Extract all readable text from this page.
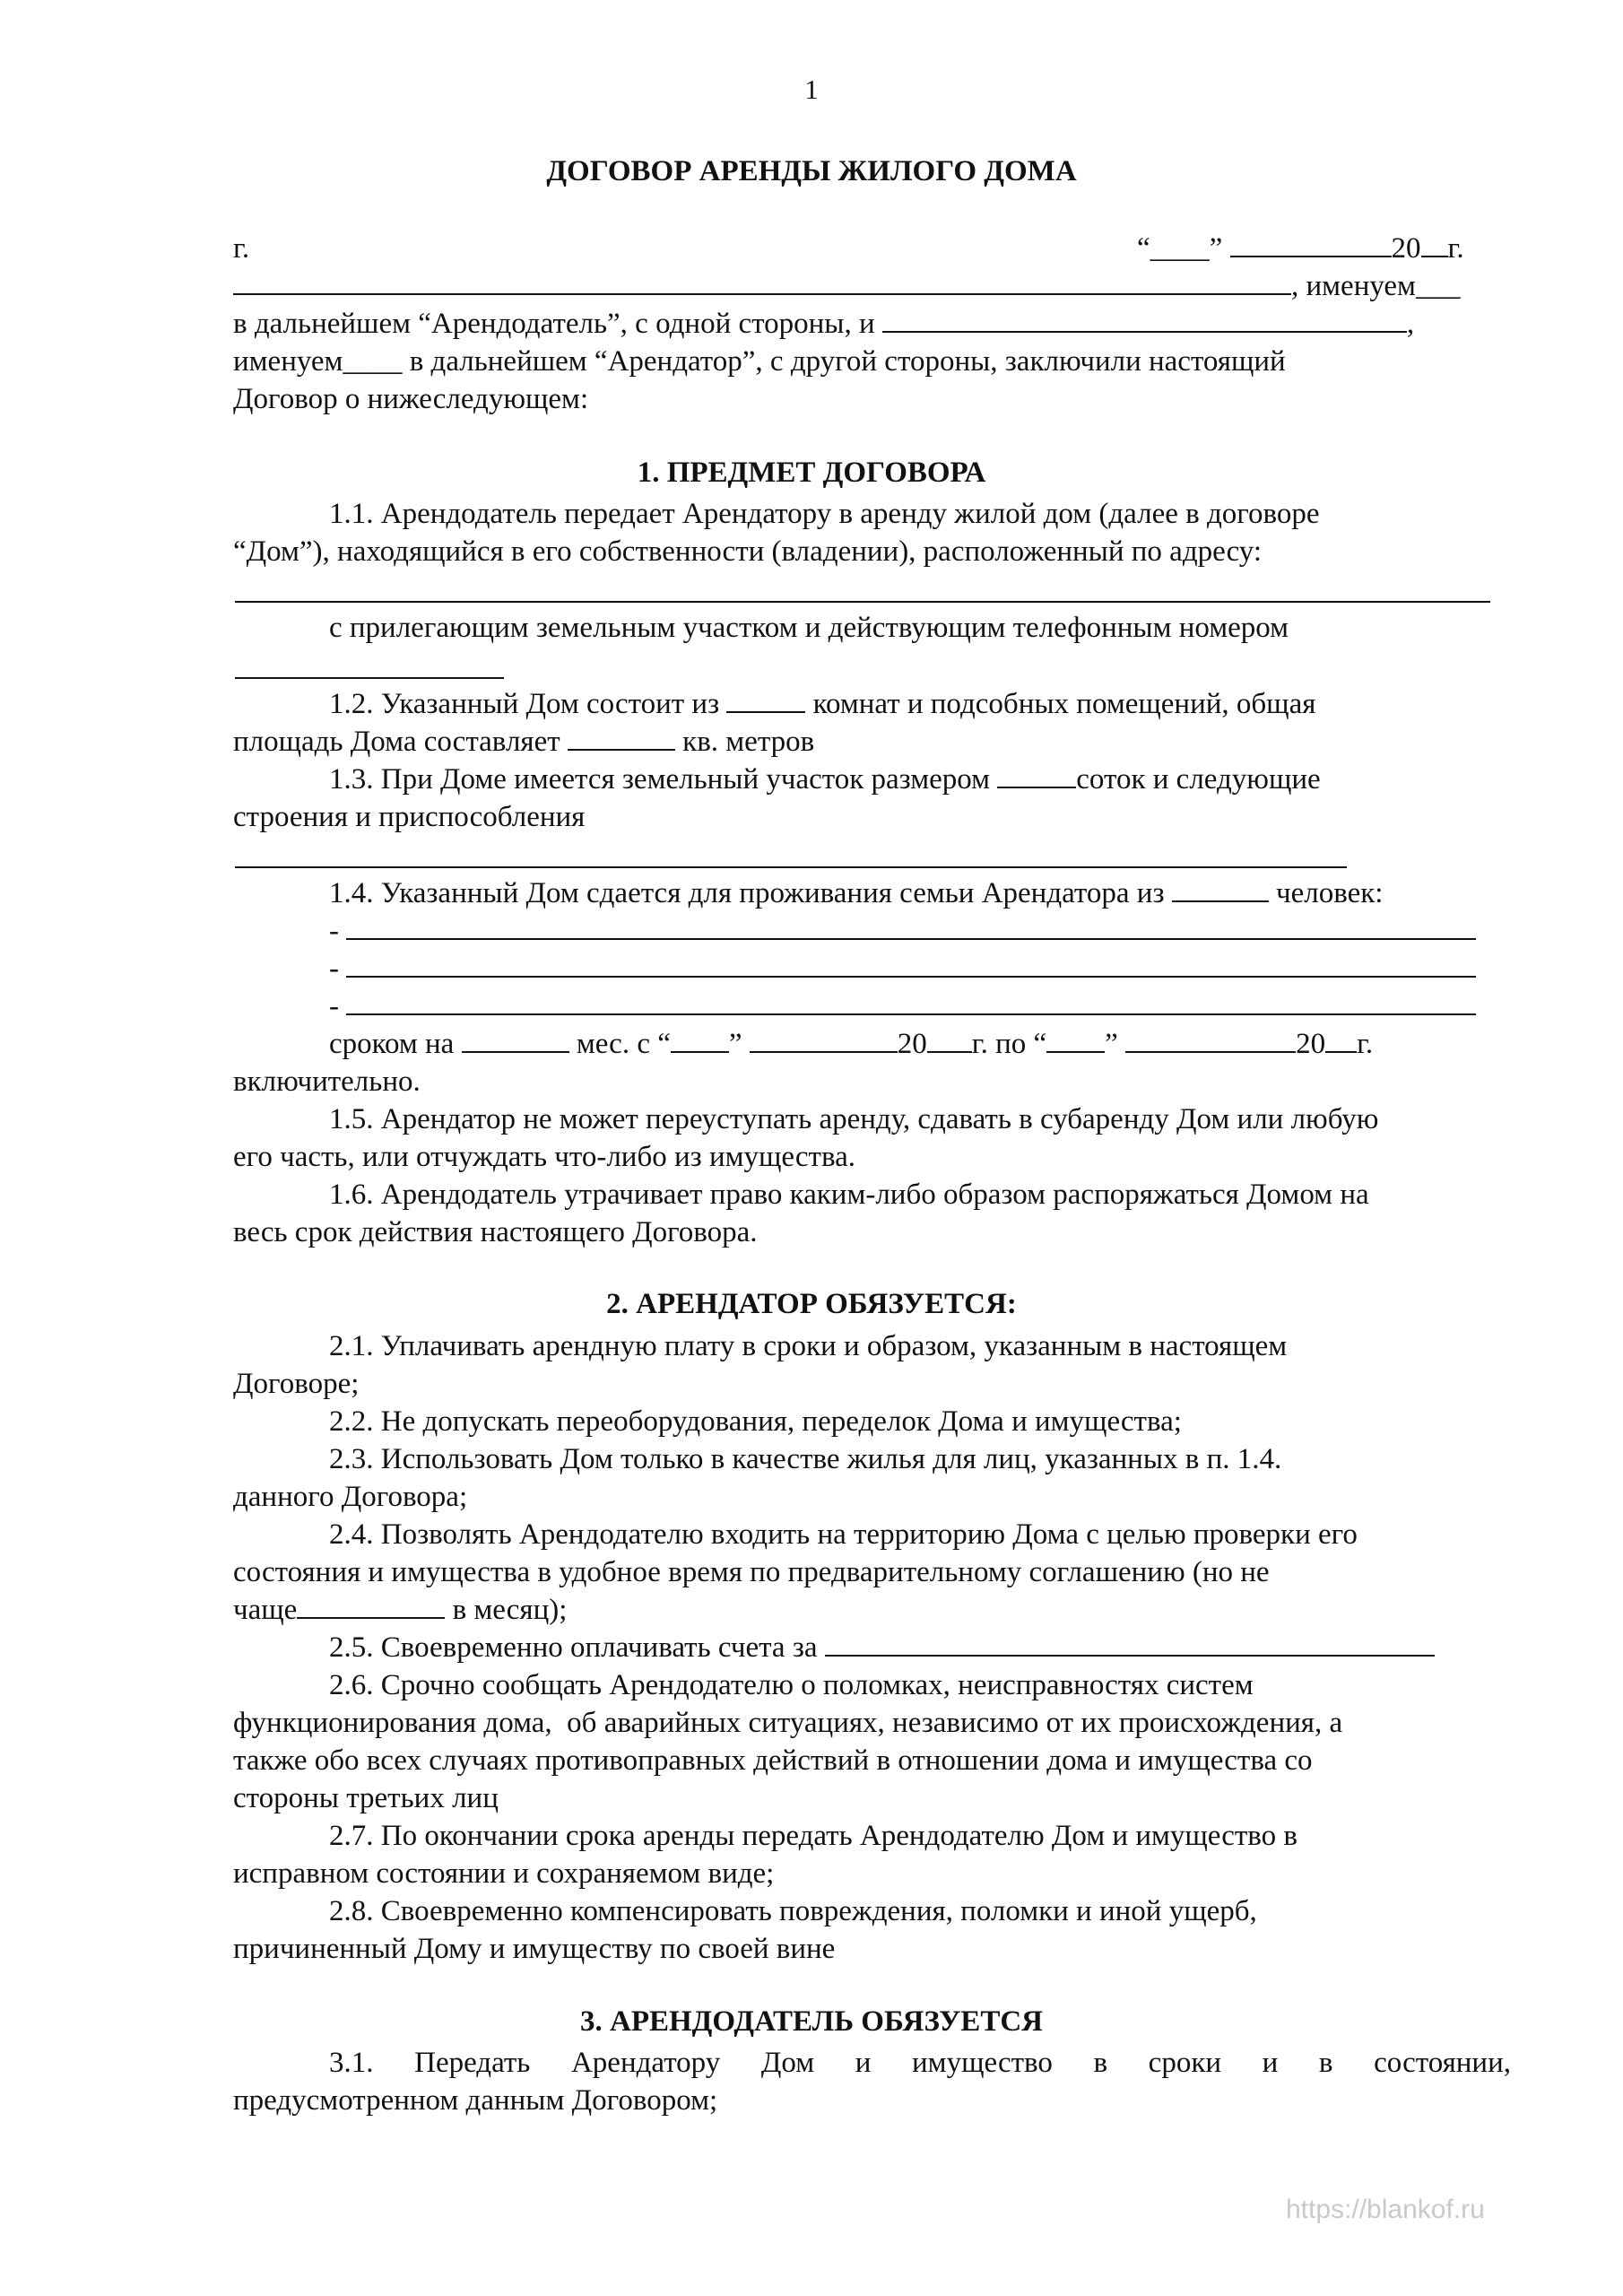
1
ДОГОВОР АРЕНДЫ ЖИЛОГО ДОМА
г.	“____”	20 г.
, именуем___
в дальнейшем “Арендодатель”, с одной стороны, и	,
именуем____ в дальнейшем “Арендатор”, с другой стороны, заключили настоящий
Договор о нижеследующем:
1. ПРЕДМЕТ ДОГОВОРА
1.1. Арендодатель передает Арендатору в аренду жилой дом (далее в договоре
“Дом”), находящийся в его собственности (владении), расположенный по адресу:
с прилегающим земельным участком и действующим телефонным номером
1.2. Указанный Дом состоит из	комнат и подсобных помещений, общая
площадь Дома составляет	кв. метров
1.3. При Доме имеется земельный участок размером	соток и следующие
строения и приспособления
1.4. Указанный Дом сдается для проживания семьи Арендатора из	человек:
-
-
-
сроком на	мес. с “ ”	20 г. по “ ”	20 г.
включительно.
1.5. Арендатор не может переуступать аренду, сдавать в субаренду Дом или любую
его часть, или отчуждать что-либо из имущества.
1.6. Арендодатель утрачивает право каким-либо образом распоряжаться Домом на
весь срок действия настоящего Договора.
2. АРЕНДАТОР ОБЯЗУЕТСЯ:
2.1. Уплачивать арендную плату в сроки и образом, указанным в настоящем
Договоре;
2.2. Не допускать переоборудования, переделок Дома и имущества;
2.3. Использовать Дом только в качестве жилья для лиц, указанных в п. 1.4.
данного Договора;
2.4. Позволять Арендодателю входить на территорию Дома с целью проверки его
состояния и имущества в удобное время по предварительному соглашению (но не
чаще	в месяц);
2.5. Своевременно оплачивать счета за
2.6. Срочно сообщать Арендодателю о поломках, неисправностях систем
функционирования дома,  об аварийных ситуациях, независимо от их происхождения, а
также обо всех случаях противоправных действий в отношении дома и имущества со
стороны третьих лиц
2.7. По окончании срока аренды передать Арендодателю Дом и имущество в
исправном состоянии и сохраняемом виде;
2.8. Своевременно компенсировать повреждения, поломки и иной ущерб,
причиненный Дому и имуществу по своей вине
3. АРЕНДОДАТЕЛЬ ОБЯЗУЕТСЯ
3.1. Передать Арендатору Дом и имущество в сроки и в состоянии,
предусмотренном данным Договором;
https://blankof.ru
